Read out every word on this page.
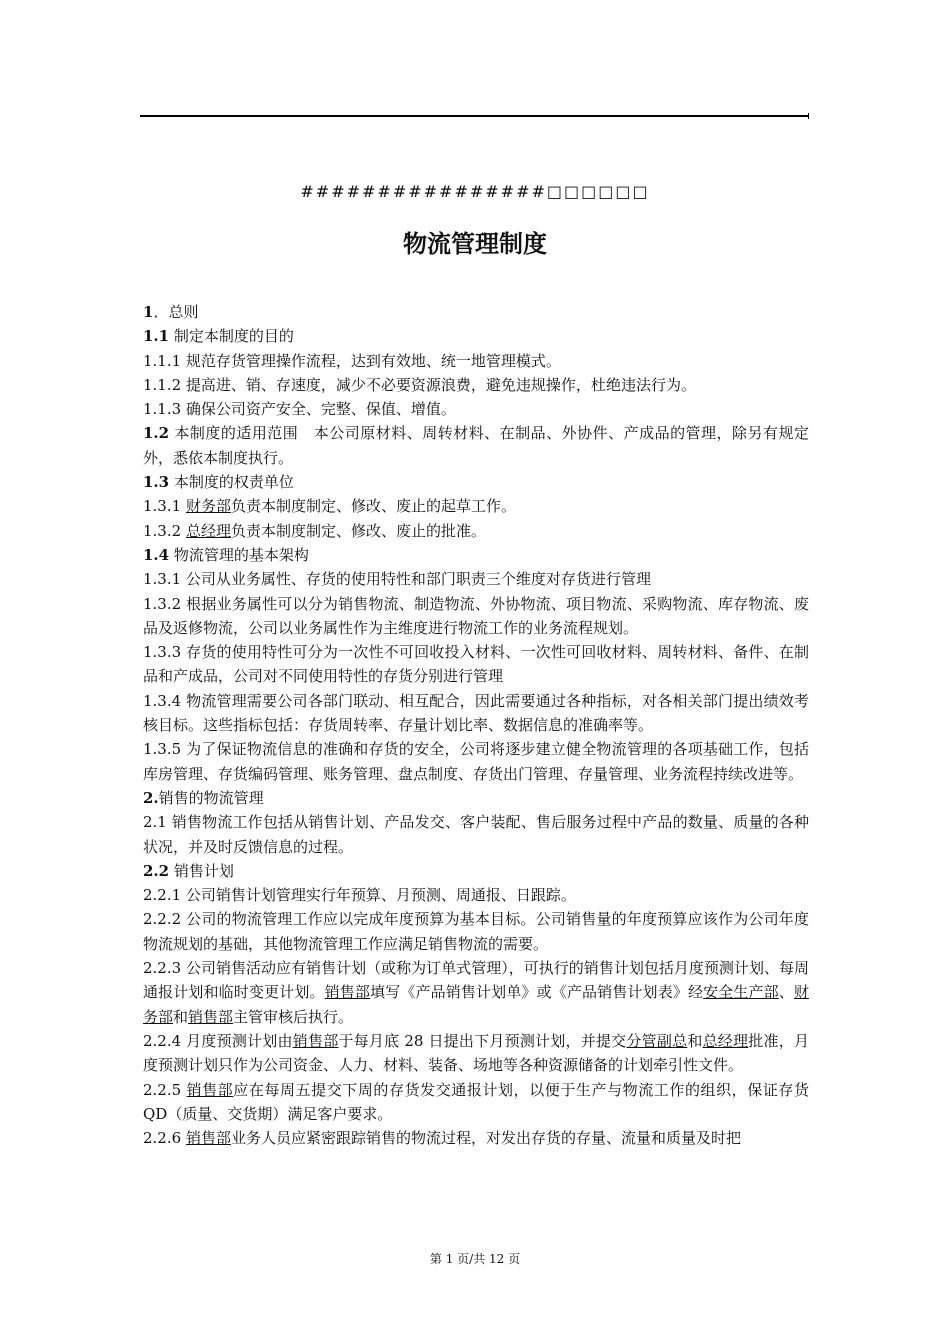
################□□□□□□
物流管理制度

1．总则

1.1 制定本制度的目的

1.1.1 规范存货管理操作流程，达到有效地、统一地管理模式。

1.1.2 提高进、销、存速度，减少不必要资源浪费，避免违规操作，杜绝违法行为。

1.1.3 确保公司资产安全、完整、保值、增值。

1.2 本制度的适用范围　本公司原材料、周转材料、在制品、外协件、产成品的管理，除另有规定外，悉依本制度执行。

1.3 本制度的权责单位

1.3.1 财务部负责本制度制定、修改、废止的起草工作。

1.3.2 总经理负责本制度制定、修改、废止的批准。

1.4 物流管理的基本架构

1.3.1 公司从业务属性、存货的使用特性和部门职责三个维度对存货进行管理

1.3.2 根据业务属性可以分为销售物流、制造物流、外协物流、项目物流、采购物流、库存物流、废品及返修物流，公司以业务属性作为主维度进行物流工作的业务流程规划。

1.3.3 存货的使用特性可分为一次性不可回收投入材料、一次性可回收材料、周转材料、备件、在制品和产成品，公司对不同使用特性的存货分别进行管理

1.3.4 物流管理需要公司各部门联动、相互配合，因此需要通过各种指标，对各相关部门提出绩效考核目标。这些指标包括：存货周转率、存量计划比率、数据信息的准确率等。

1.3.5 为了保证物流信息的准确和存货的安全，公司将逐步建立健全物流管理的各项基础工作，包括库房管理、存货编码管理、账务管理、盘点制度、存货出门管理、存量管理、业务流程持续改进等。

2.销售的物流管理

2.1 销售物流工作包括从销售计划、产品发交、客户装配、售后服务过程中产品的数量、质量的各种状况，并及时反馈信息的过程。

2.2 销售计划

2.2.1 公司销售计划管理实行年预算、月预测、周通报、日跟踪。

2.2.2 公司的物流管理工作应以完成年度预算为基本目标。公司销售量的年度预算应该作为公司年度物流规划的基础，其他物流管理工作应满足销售物流的需要。

2.2.3 公司销售活动应有销售计划（或称为订单式管理），可执行的销售计划包括月度预测计划、每周通报计划和临时变更计划。销售部填写《产品销售计划单》或《产品销售计划表》经安全生产部、财务部和销售部主管审核后执行。

2.2.4 月度预测计划由销售部于每月底 28 日提出下月预测计划，并提交分管副总和总经理批准，月度预测计划只作为公司资金、人力、材料、装备、场地等各种资源储备的计划牵引性文件。

2.2.5 销售部应在每周五提交下周的存货发交通报计划，以便于生产与物流工作的组织，保证存货 QD（质量、交货期）满足客户要求。

2.2.6 销售部业务人员应紧密跟踪销售的物流过程，对发出存货的存量、流量和质量及时把

第 1 页/共 12 页
